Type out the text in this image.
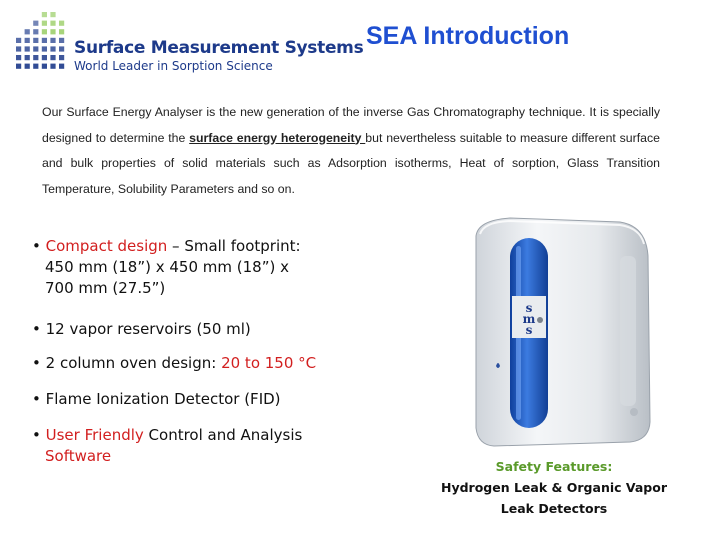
Surface Measurement Systems
World Leader in Sorption Science
SEA Introduction
Our Surface Energy Analyser is the new generation of the inverse Gas Chromatography technique. It is specially designed to determine the surface energy heterogeneity but nevertheless suitable to measure different surface and bulk properties of solid materials such as Adsorption isotherms, Heat of sorption, Glass Transition Temperature, Solubility Parameters and so on.
• Compact design – Small footprint:
450 mm (18”) x 450 mm (18”) x
700 mm (27.5”)
• 12 vapor reservoirs (50 ml)
• 2 column oven design: 20 to 150 °C
• Flame Ionization Detector (FID)
• User Friendly Control and Analysis
Software
s
m
s
Safety Features:
Hydrogen Leak & Organic Vapor Leak Detectors
